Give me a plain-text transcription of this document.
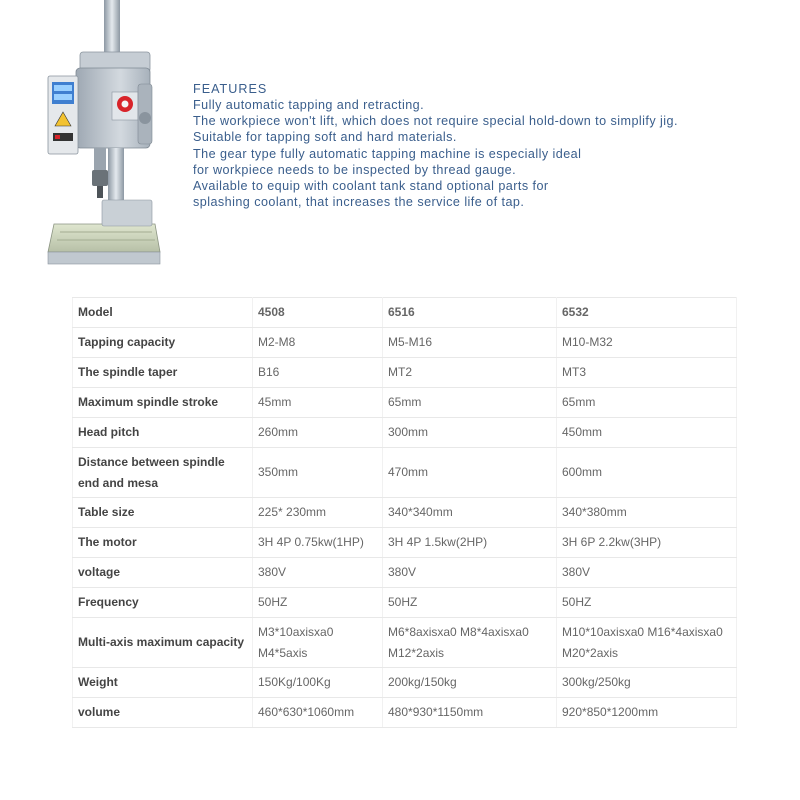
FEATURES

Fully automatic tapping and retracting.

The workpiece won't lift, which does not require special hold-down to simplify jig.

Suitable for tapping soft and hard materials.

The gear type fully automatic tapping machine is especially ideal

for workpiece needs to be inspected by thread gauge.

Available to equip with coolant tank stand optional parts for

splashing coolant, that increases the service life of tap.

Model	4508	6516	6532
Tapping capacity	M2-M8	M5-M16	M10-M32
The spindle taper	B16	MT2	MT3
Maximum spindle stroke	45mm	65mm	65mm
Head pitch	260mm	300mm	450mm
Distance between spindle end and mesa	350mm	470mm	600mm
Table size	225* 230mm	340*340mm	340*380mm
The motor	3H 4P 0.75kw(1HP)	3H 4P 1.5kw(2HP)	3H 6P 2.2kw(3HP)
voltage	380V	380V	380V
Frequency	50HZ	50HZ	50HZ
Multi-axis maximum capacity	M3*10axisxa0 M4*5axis	M6*8axisxa0 M8*4axisxa0 M12*2axis	M10*10axisxa0 M16*4axisxa0 M20*2axis
Weight	150Kg/100Kg	200kg/150kg	300kg/250kg
volume	460*630*1060mm	480*930*1150mm	920*850*1200mm
